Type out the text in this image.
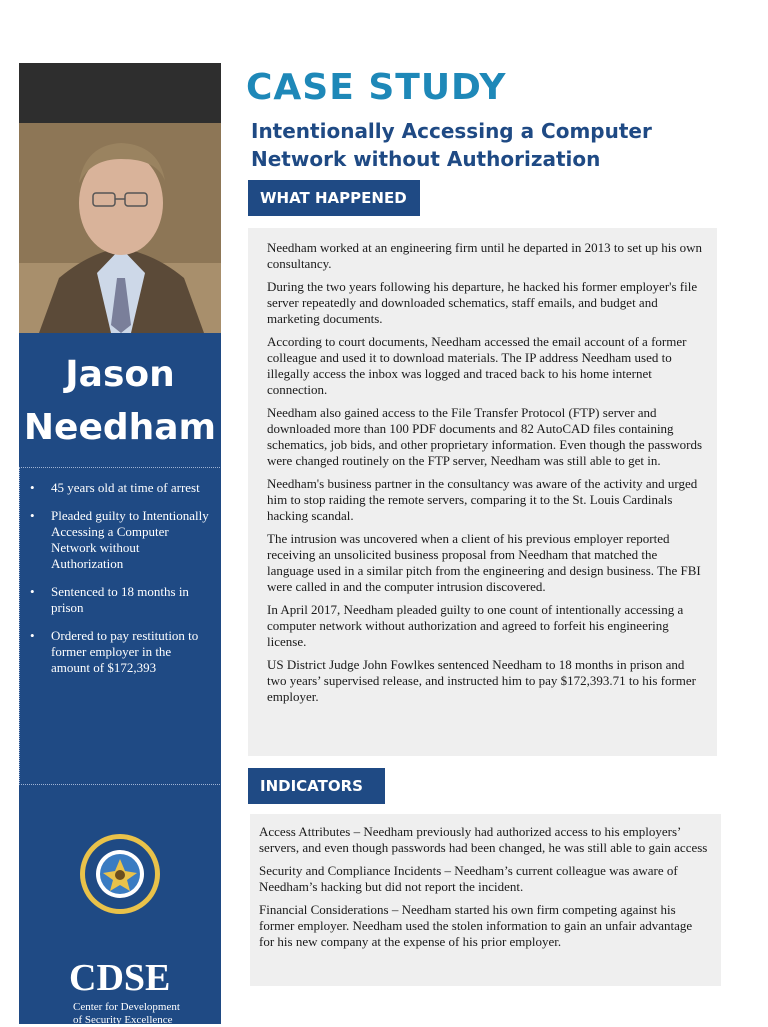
Jason
Needham
• 45 years old at time of arrest
• Pleaded guilty to Intentionally Accessing a Computer Network without Authorization
• Sentenced to 18 months in prison
• Ordered to pay restitution to former employer in the amount of $172,393
CDSE
Center for Development
of Security Excellence
CASE STUDY
Intentionally Accessing a Computer Network without Authorization
WHAT HAPPENED

Needham worked at an engineering firm until he departed in 2013 to set up his own consultancy.

During the two years following his departure, he hacked his former employer's file server repeatedly and downloaded schematics, staff emails, and budget and marketing documents.

According to court documents, Needham accessed the email account of a former colleague and used it to download materials. The IP address Needham used to illegally access the inbox was logged and traced back to his home internet connection.

Needham also gained access to the File Transfer Protocol (FTP) server and downloaded more than 100 PDF documents and 82 AutoCAD files containing schematics, job bids, and other proprietary information. Even though the passwords were changed routinely on the FTP server, Needham was still able to get in.

Needham's business partner in the consultancy was aware of the activity and urged him to stop raiding the remote servers, comparing it to the St. Louis Cardinals hacking scandal.

The intrusion was uncovered when a client of his previous employer reported receiving an unsolicited business proposal from Needham that matched the language used in a similar pitch from the engineering and design business. The FBI were called in and the computer intrusion discovered.

In April 2017, Needham pleaded guilty to one count of intentionally accessing a computer network without authorization and agreed to forfeit his engineering license.

US District Judge John Fowlkes sentenced Needham to 18 months in prison and two years’ supervised release, and instructed him to pay $172,393.71 to his former employer.

INDICATORS

Access Attributes – Needham previously had authorized access to his employers’ servers, and even though passwords had been changed, he was still able to gain access

Security and Compliance Incidents – Needham’s current colleague was aware of Needham’s hacking but did not report the incident.

Financial Considerations – Needham started his own firm competing against his former employer. Needham used the stolen information to gain an unfair advantage for his new company at the expense of his prior employer.
